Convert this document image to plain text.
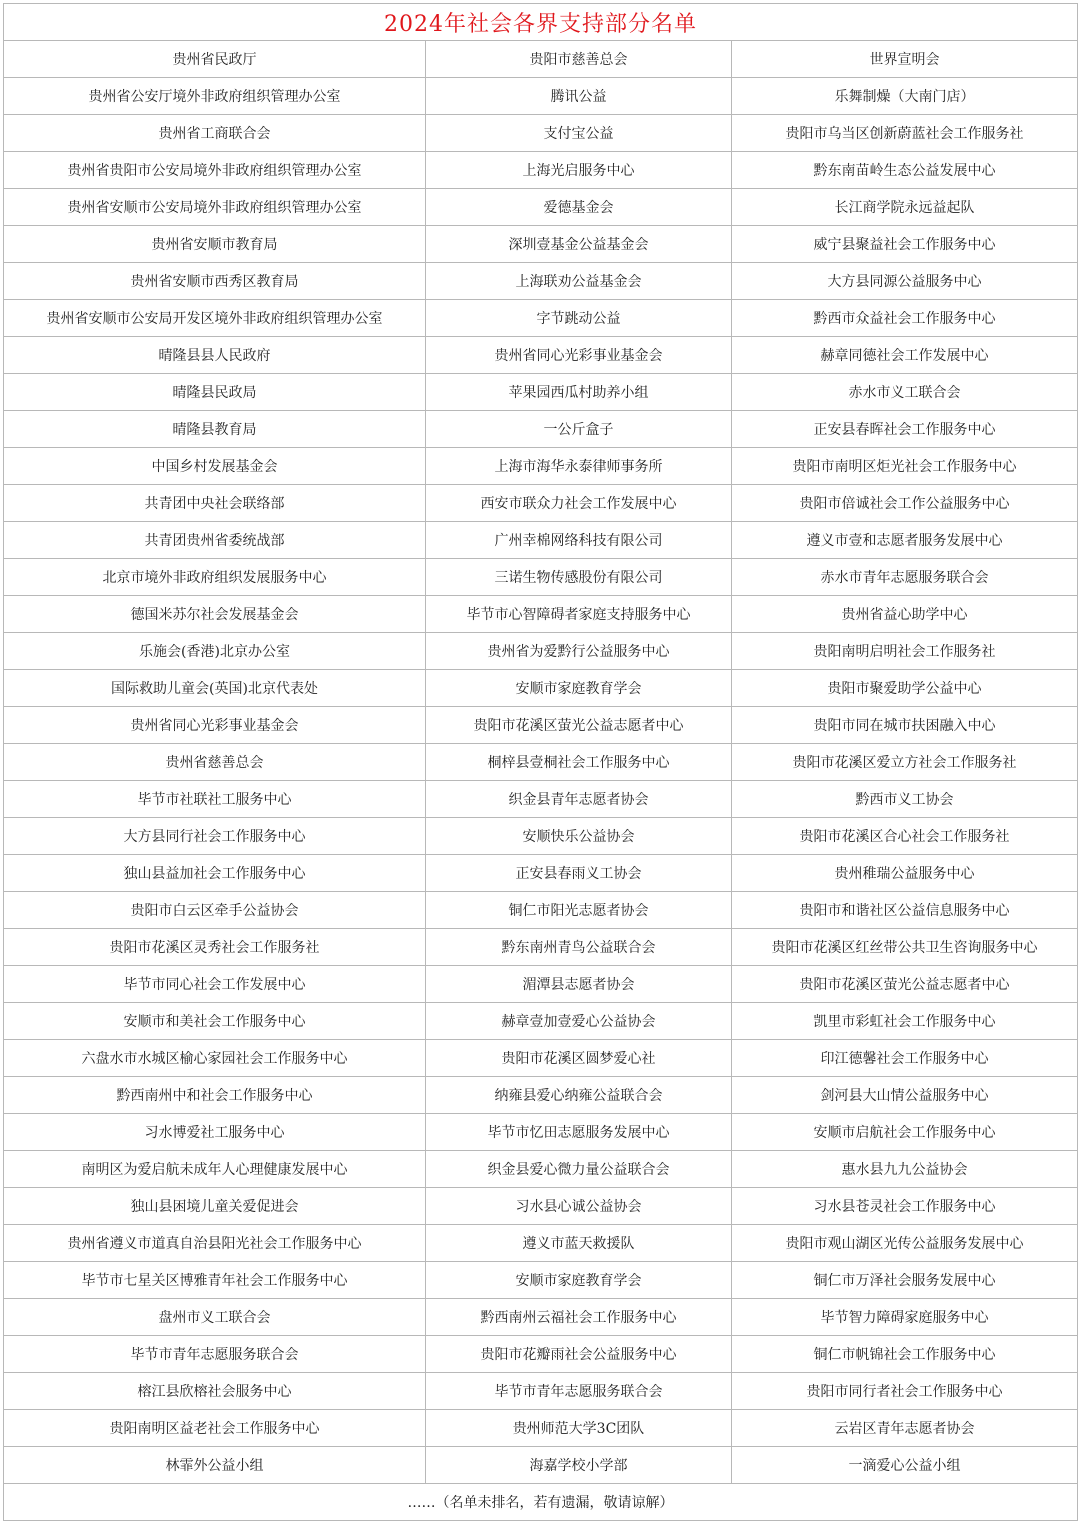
2024年社会各界支持部分名单		
贵州省民政厅	贵阳市慈善总会	世界宣明会
贵州省公安厅境外非政府组织管理办公室	腾讯公益	乐舞制燥（大南门店）
贵州省工商联合会	支付宝公益	贵阳市乌当区创新蔚蓝社会工作服务社
贵州省贵阳市公安局境外非政府组织管理办公室	上海光启服务中心	黔东南苗岭生态公益发展中心
贵州省安顺市公安局境外非政府组织管理办公室	爱德基金会	长江商学院永远益起队
贵州省安顺市教育局	深圳壹基金公益基金会	威宁县聚益社会工作服务中心
贵州省安顺市西秀区教育局	上海联劝公益基金会	大方县同源公益服务中心
贵州省安顺市公安局开发区境外非政府组织管理办公室	字节跳动公益	黔西市众益社会工作服务中心
晴隆县县人民政府	贵州省同心光彩事业基金会	赫章同德社会工作发展中心
晴隆县民政局	苹果园西瓜村助养小组	赤水市义工联合会
晴隆县教育局	一公斤盒子	正安县春晖社会工作服务中心
中国乡村发展基金会	上海市海华永泰律师事务所	贵阳市南明区炬光社会工作服务中心
共青团中央社会联络部	西安市联众力社会工作发展中心	贵阳市倍诚社会工作公益服务中心
共青团贵州省委统战部	广州幸棉网络科技有限公司	遵义市壹和志愿者服务发展中心
北京市境外非政府组织发展服务中心	三诺生物传感股份有限公司	赤水市青年志愿服务联合会
德国米苏尔社会发展基金会	毕节市心智障碍者家庭支持服务中心	贵州省益心助学中心
乐施会(香港)北京办公室	贵州省为爱黔行公益服务中心	贵阳南明启明社会工作服务社
国际救助儿童会(英国)北京代表处	安顺市家庭教育学会	贵阳市聚爱助学公益中心
贵州省同心光彩事业基金会	贵阳市花溪区萤光公益志愿者中心	贵阳市同在城市扶困融入中心
贵州省慈善总会	桐梓县壹桐社会工作服务中心	贵阳市花溪区爱立方社会工作服务社
毕节市社联社工服务中心	织金县青年志愿者协会	黔西市义工协会
大方县同行社会工作服务中心	安顺快乐公益协会	贵阳市花溪区合心社会工作服务社
独山县益加社会工作服务中心	正安县春雨义工协会	贵州稚瑞公益服务中心
贵阳市白云区牵手公益协会	铜仁市阳光志愿者协会	贵阳市和谐社区公益信息服务中心
贵阳市花溪区灵秀社会工作服务社	黔东南州青鸟公益联合会	贵阳市花溪区红丝带公共卫生咨询服务中心
毕节市同心社会工作发展中心	湄潭县志愿者协会	贵阳市花溪区萤光公益志愿者中心
安顺市和美社会工作服务中心	赫章壹加壹爱心公益协会	凯里市彩虹社会工作服务中心
六盘水市水城区榆心家园社会工作服务中心	贵阳市花溪区圆梦爱心社	印江德馨社会工作服务中心
黔西南州中和社会工作服务中心	纳雍县爱心纳雍公益联合会	剑河县大山情公益服务中心
习水博爱社工服务中心	毕节市忆田志愿服务发展中心	安顺市启航社会工作服务中心
南明区为爱启航未成年人心理健康发展中心	织金县爱心微力量公益联合会	惠水县九九公益协会
独山县困境儿童关爱促进会	习水县心诚公益协会	习水县苍灵社会工作服务中心
贵州省遵义市道真自治县阳光社会工作服务中心	遵义市蓝天救援队	贵阳市观山湖区光传公益服务发展中心
毕节市七星关区博雅青年社会工作服务中心	安顺市家庭教育学会	铜仁市万泽社会服务发展中心
盘州市义工联合会	黔西南州云福社会工作服务中心	毕节智力障碍家庭服务中心
毕节市青年志愿服务联合会	贵阳市花瓣雨社会公益服务中心	铜仁市帆锦社会工作服务中心
榕江县欣榕社会服务中心	毕节市青年志愿服务联合会	贵阳市同行者社会工作服务中心
贵阳南明区益老社会工作服务中心	贵州师范大学3C团队	云岩区青年志愿者协会
林霏外公益小组	海嘉学校小学部	一滴爱心公益小组
……（名单未排名，若有遗漏，敬请谅解）		
